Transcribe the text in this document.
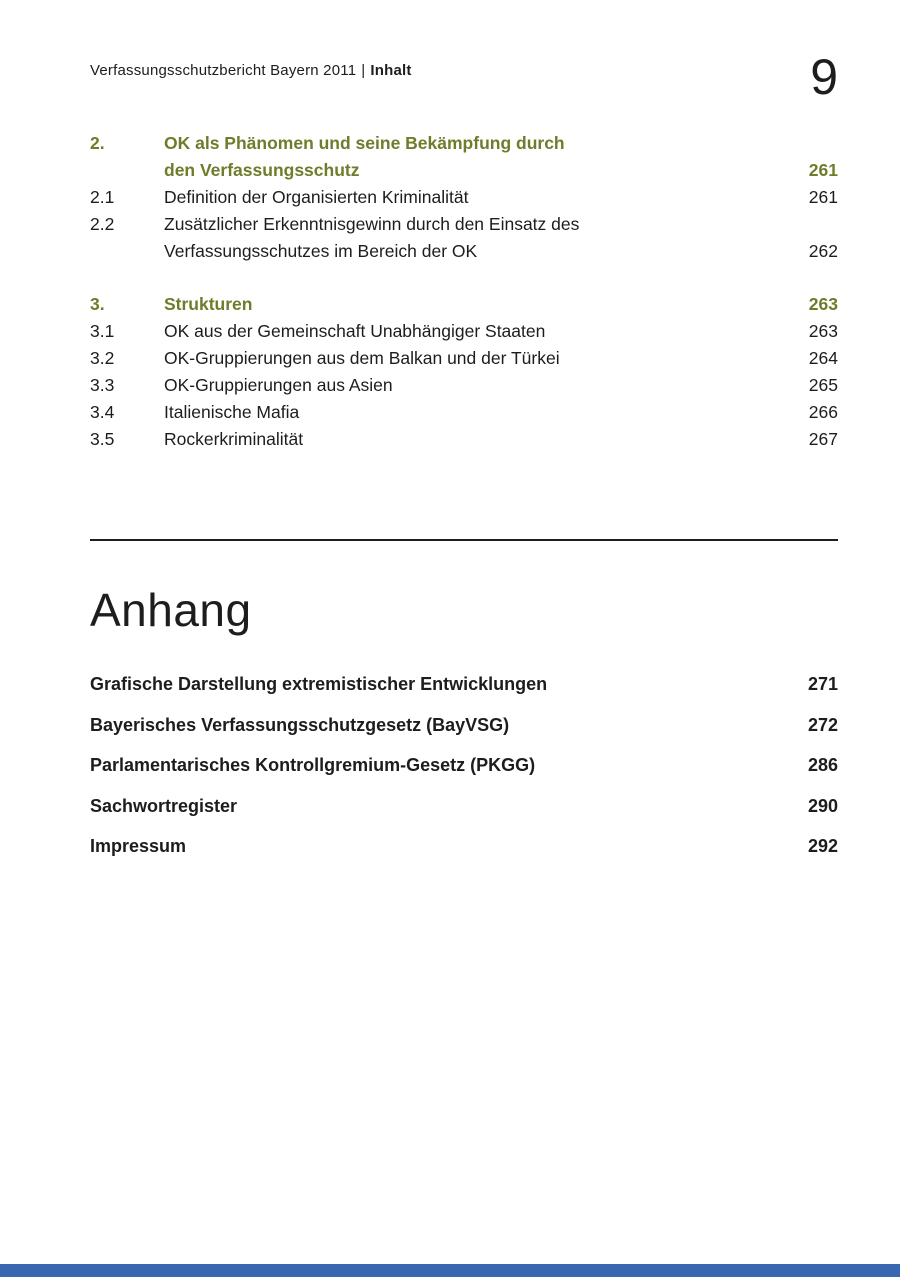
Verfassungsschutzbericht Bayern 2011 | Inhalt	9
2.	OK als Phänomen und seine Bekämpfung durch
den Verfassungsschutz	261
2.1	Definition der Organisierten Kriminalität	261
2.2	Zusätzlicher Erkenntnisgewinn durch den Einsatz des
Verfassungsschutzes im Bereich der OK	262
3.	Strukturen	263
3.1	OK aus der Gemeinschaft Unabhängiger Staaten	263
3.2	OK-Gruppierungen aus dem Balkan und der Türkei	264
3.3	OK-Gruppierungen aus Asien	265
3.4	Italienische Mafia	266
3.5	Rockerkriminalität	267
Anhang
Grafische Darstellung extremistischer Entwicklungen	271
Bayerisches Verfassungsschutzgesetz (BayVSG)	272
Parlamentarisches Kontrollgremium-Gesetz (PKGG)	286
Sachwortregister	290
Impressum	292
